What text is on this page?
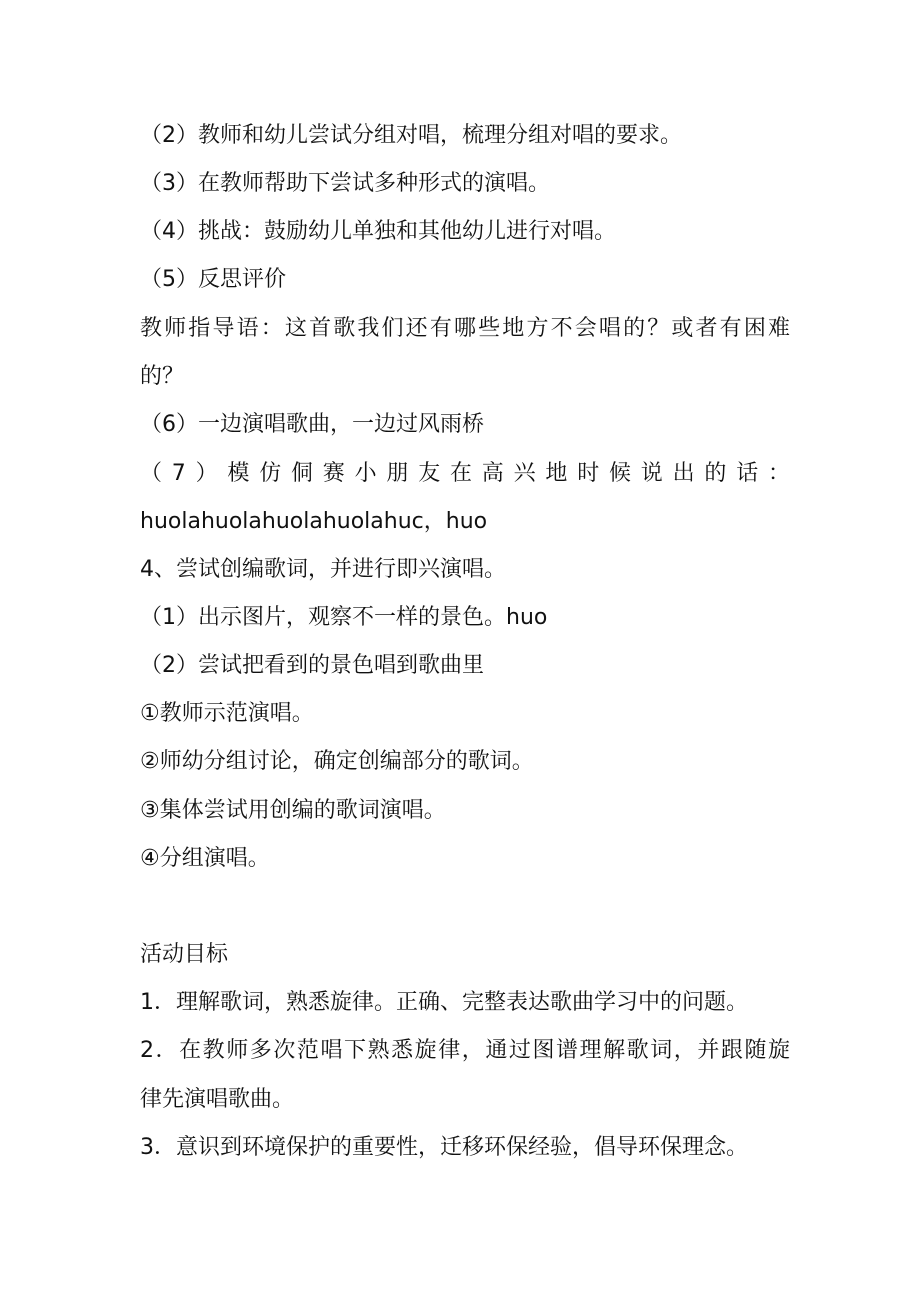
（2）教师和幼儿尝试分组对唱，梳理分组对唱的要求。
（3）在教师帮助下尝试多种形式的演唱。
（4）挑战：鼓励幼儿单独和其他幼儿进行对唱。
（5）反思评价
教师指导语：这首歌我们还有哪些地方不会唱的？或者有困难
的？
（6）一边演唱歌曲，一边过风雨桥
（7）模仿侗赛小朋友在高兴地时候说出的话：
huolahuolahuolahuolahuc，huo
4、尝试创编歌词，并进行即兴演唱。
（1）出示图片，观察不一样的景色。huo
（2）尝试把看到的景色唱到歌曲里
①教师示范演唱。
②师幼分组讨论，确定创编部分的歌词。
③集体尝试用创编的歌词演唱。
④分组演唱。
活动目标
1．理解歌词，熟悉旋律。正确、完整表达歌曲学习中的问题。
2．在教师多次范唱下熟悉旋律，通过图谱理解歌词，并跟随旋
律先演唱歌曲。
3．意识到环境保护的重要性，迁移环保经验，倡导环保理念。
